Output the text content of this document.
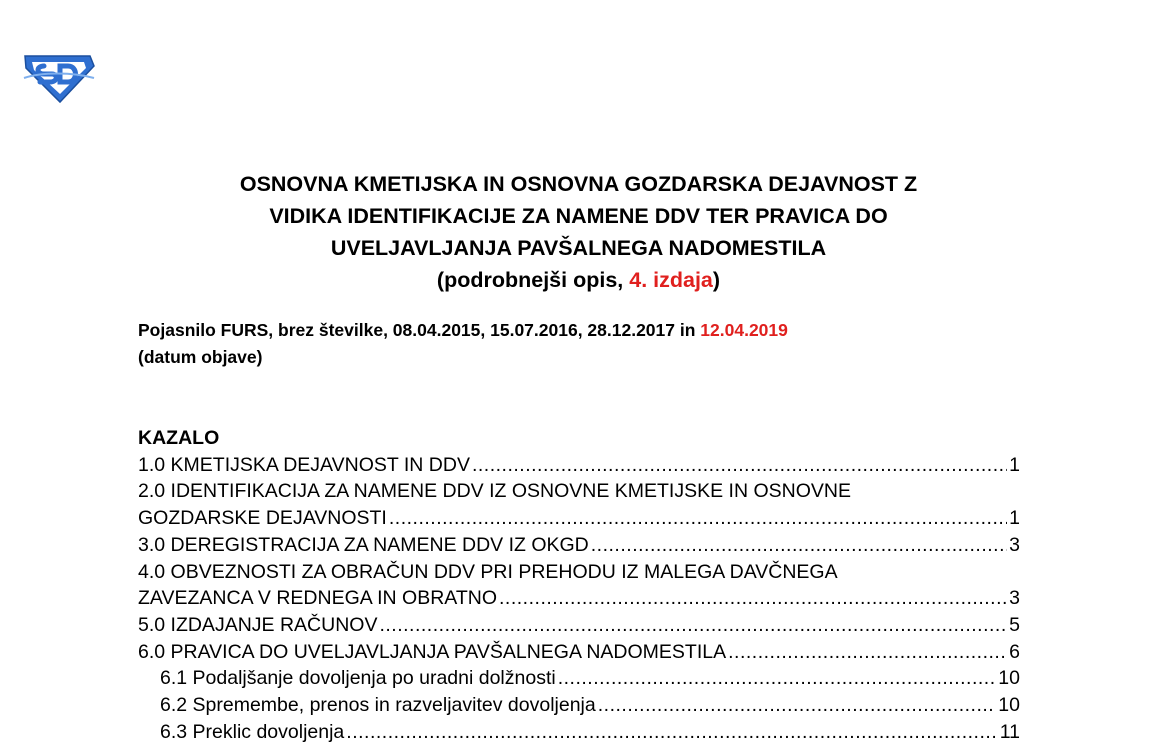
OSNOVNA KMETIJSKA IN OSNOVNA GOZDARSKA DEJAVNOST Z
VIDIKA IDENTIFIKACIJE ZA NAMENE DDV TER PRAVICA DO
UVELJAVLJANJA PAVŠALNEGA NADOMESTILA
(podrobnejši opis, 4. izdaja)
Pojasnilo FURS, brez številke, 08.04.2015, 15.07.2016, 28.12.2017 in 12.04.2019
(datum objave)
KAZALO
1.0 KMETIJSKA DEJAVNOST IN DDV .....	1
2.0 IDENTIFIKACIJA ZA NAMENE DDV IZ OSNOVNE KMETIJSKE IN OSNOVNE
GOZDARSKE DEJAVNOSTI .....	1
3.0 DEREGISTRACIJA ZA NAMENE DDV IZ OKGD .....	3
4.0 OBVEZNOSTI ZA OBRAČUN DDV PRI PREHODU IZ MALEGA DAVČNEGA
ZAVEZANCA V REDNEGA IN OBRATNO .....	3
5.0 IZDAJANJE RAČUNOV .....	5
6.0 PRAVICA DO UVELJAVLJANJA PAVŠALNEGA NADOMESTILA .....	6
6.1 Podaljšanje dovoljenja po uradni dolžnosti .....	10
6.2 Spremembe, prenos in razveljavitev dovoljenja .....	10
6.3 Preklic dovoljenja .....	11
